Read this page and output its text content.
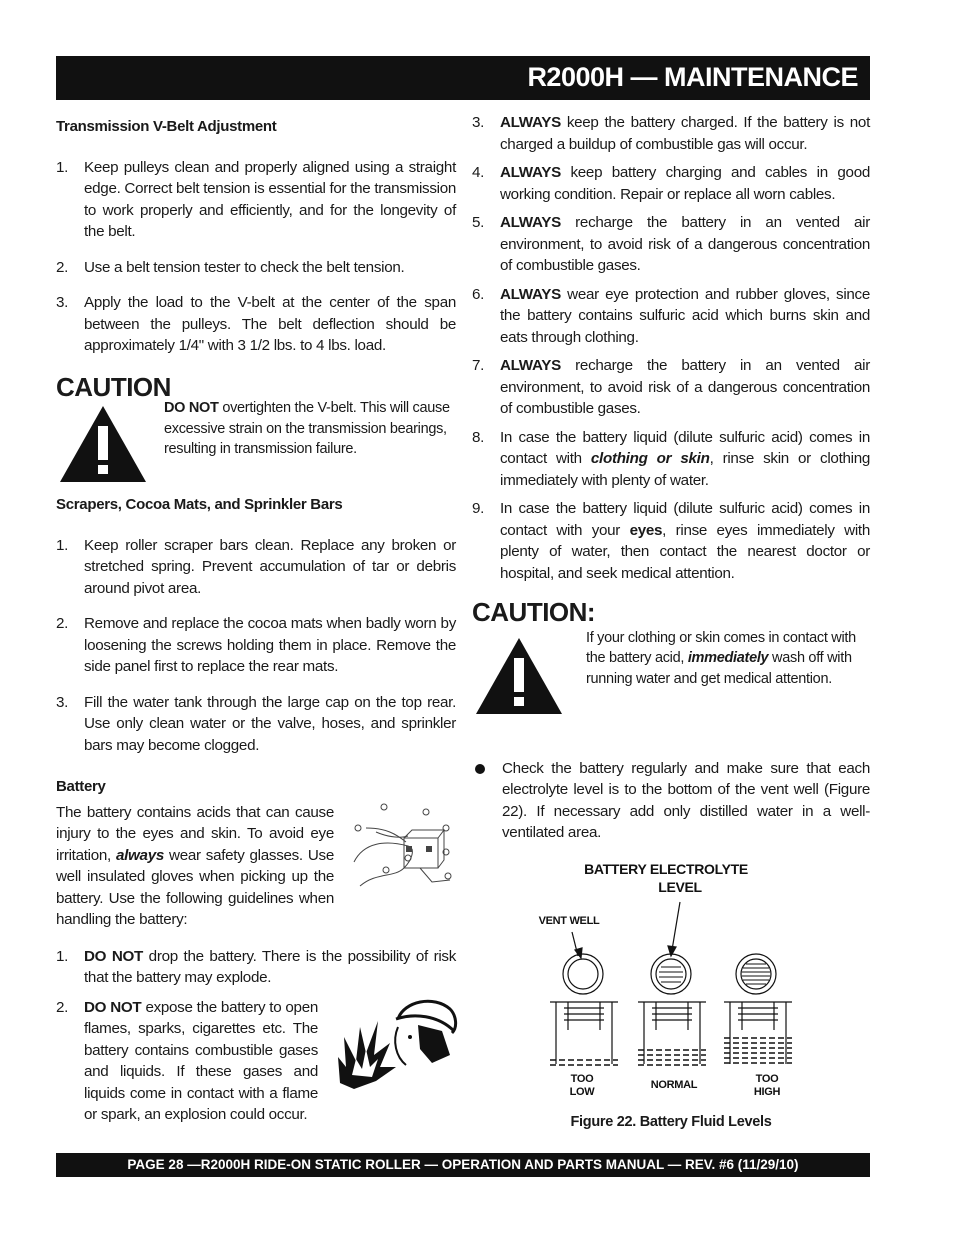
R2000H — MAINTENANCE
Transmission V-Belt Adjustment
1.	Keep pulleys clean and properly aligned using a straight edge. Correct belt tension is essential for the transmission to work properly and efficiently, and for the longevity of the belt.
2.	Use a belt tension tester to check the belt tension.
3.	Apply the load to the V-belt at the center of the span between the pulleys. The belt deflection should be approximately 1/4" with 3 1/2 lbs. to 4 lbs. load.
CAUTION
DO NOT overtighten the V-belt. This will cause excessive strain on the transmission bearings, resulting in transmission failure.
Scrapers, Cocoa Mats, and Sprinkler Bars
1.	Keep roller scraper bars clean. Replace any broken or stretched spring. Prevent accumulation of tar or debris around pivot area.
2.	Remove and replace the cocoa mats when badly worn by loosening the screws holding them in place. Remove the side panel first to replace the rear mats.
3.	Fill the water tank through the large cap on the top rear. Use only clean water or the valve, hoses, and sprinkler bars may become clogged.
Battery
The battery contains acids that can cause injury to the eyes and skin. To avoid eye irritation, always wear safety glasses. Use well insulated gloves when picking up the battery. Use the following guidelines when handling the battery:
1.	DO NOT drop the battery. There is the possibility of risk that the battery may explode.
2.	DO NOT expose the battery to open flames, sparks, cigarettes etc. The battery contains combustible gases and liquids. If these gases and liquids come in contact with a flame or spark, an explosion could occur.
3.	ALWAYS keep the battery charged. If the battery is not charged a buildup of combustible gas will occur.
4.	ALWAYS keep battery charging and cables in good working condition. Repair or replace all worn cables.
5.	ALWAYS recharge the battery in an vented air environment, to avoid risk of a dangerous concentration of combustible gases.
6.	ALWAYS wear eye protection and rubber gloves, since the battery contains sulfuric acid which burns skin and eats through clothing.
7.	ALWAYS recharge the battery in an vented air environment, to avoid risk of a dangerous concentration of combustible gases.
8.	In case the battery liquid (dilute sulfuric acid) comes in contact with clothing or skin, rinse skin or clothing immediately with plenty of water.
9.	In case the battery liquid (dilute sulfuric acid) comes in contact with your eyes, rinse eyes immediately with plenty of water, then contact the nearest doctor or hospital, and seek medical attention.
CAUTION:
If your clothing or skin comes in contact with the battery acid, immediately wash off with running water and get medical attention.
Check the battery regularly and make sure that each electrolyte level is to the bottom of the vent well (Figure 22). If necessary add only distilled water in a well-ventilated area.
BATTERY ELECTROLYTE
LEVEL
VENT WELL
TOO
LOW
NORMAL	TOO
HIGH
Figure 22. Battery Fluid Levels
PAGE 28 —R2000H RIDE-ON STATIC ROLLER — OPERATION AND PARTS MANUAL — REV. #6 (11/29/10)
